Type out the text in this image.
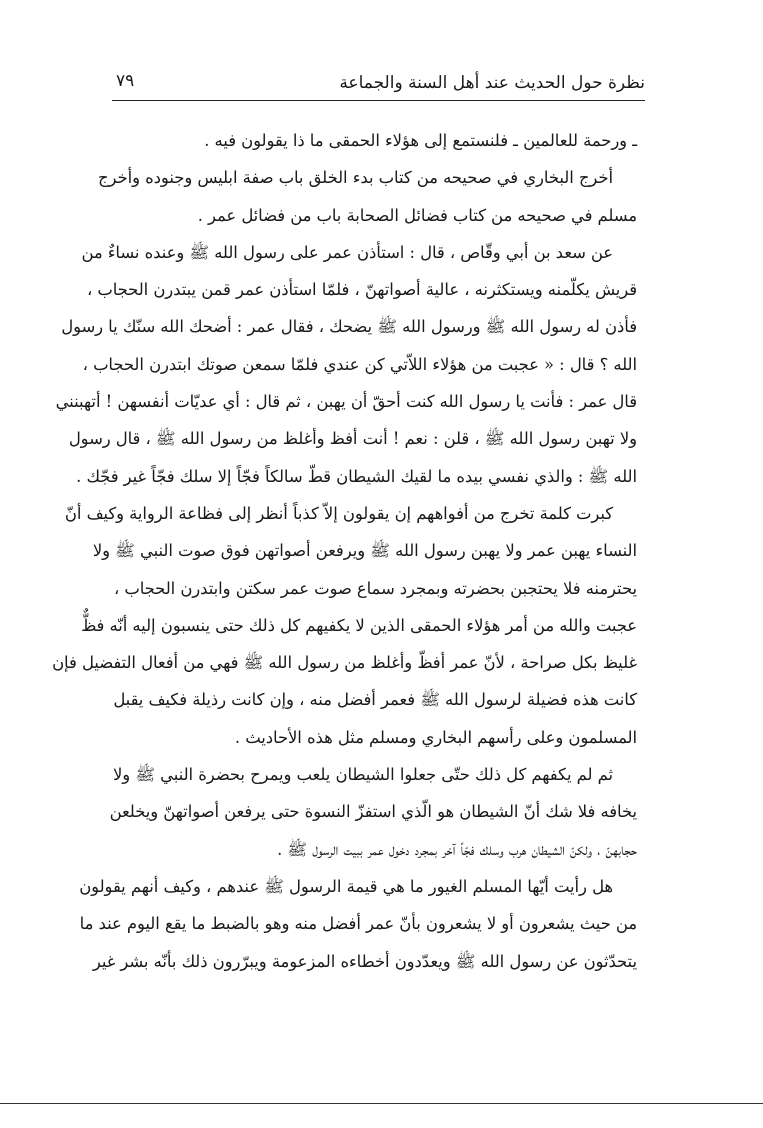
نظرة حول الحديث عند أهل السنة والجماعة
٧٩
ـ ورحمة للعالمين ـ فلنستمع إلى هؤلاء الحمقى ما ذا يقولون فيه .
أخرج البخاري في صحيحه من كتاب بدء الخلق باب صفة ابليس وجنوده وأخرج
مسلم في صحيحه من كتاب فضائل الصحابة باب من فضائل عمر .
عن سعد بن أبي وقّاص ، قال : استأذن عمر على رسول الله ﷺ وعنده نساءٌ من
قريش يكلّمنه ويستكثرنه ، عالية أصواتهنّ ، فلمّا استأذن عمر قمن يبتدرن الحجاب ،
فأذن له رسول الله ﷺ ورسول الله ﷺ يضحك ، فقال عمر : أضحك الله سنّك يا رسول
الله ؟ قال : « عجبت من هؤلاء اللاّتي كن عندي فلمّا سمعن صوتك ابتدرن الحجاب ،
قال عمر : فأنت يا رسول الله كنت أحقّ أن يهبن ، ثم قال : أي عديّات أنفسهن ! أتهبنني
ولا تهبن رسول الله ﷺ ، قلن : نعم ! أنت أفظ وأغلظ من رسول الله ﷺ ، قال رسول
الله ﷺ : والذي نفسي بيده ما لقيك الشيطان قطّ سالكاً فجّاً إلا سلك فجّاً غير فجّك .
كبرت كلمة تخرج من أفواههم إن يقولون إلاّ كذباً أنظر إلى فظاعة الرواية وكيف أنّ
النساء يهبن عمر ولا يهبن رسول الله ﷺ ويرفعن أصواتهن فوق صوت النبي ﷺ ولا
يحترمنه فلا يحتجبن بحضرته وبمجرد سماع صوت عمر سكتن وابتدرن الحجاب ،
عجبت والله من أمر هؤلاء الحمقى الذين لا يكفيهم كل ذلك حتى ينسبون إليه أنّه فظٌّ
غليظ بكل صراحة ، لأنّ عمر أفظّ وأغلظ من رسول الله ﷺ فهي من أفعال التفضيل فإن
كانت هذه فضيلة لرسول الله ﷺ فعمر أفضل منه ، وإن كانت رذيلة فكيف يقبل
المسلمون وعلى رأسهم البخاري ومسلم مثل هذه الأحاديث .
ثم لم يكفهم كل ذلك حتّى جعلوا الشيطان يلعب ويمرح بحضرة النبي ﷺ ولا
يخافه فلا شك أنّ الشيطان هو الّذي استفزّ النسوة حتى يرفعن أصواتهنّ ويخلعن
حجابهنّ ، ولكنّ الشيطان هرب وسلك فجّاً آخر بمجرد دخول عمر ببيت الرسول ﷺ .
هل رأيت أيّها المسلم الغيور ما هي قيمة الرسول ﷺ عندهم ، وكيف أنهم يقولون
من حيث يشعرون أو لا يشعرون بأنّ عمر أفضل منه وهو بالضبط ما يقع اليوم عند ما
يتحدّثون عن رسول الله ﷺ ويعدّدون أخطاءه المزعومة ويبرّرون ذلك بأنّه بشر غير
